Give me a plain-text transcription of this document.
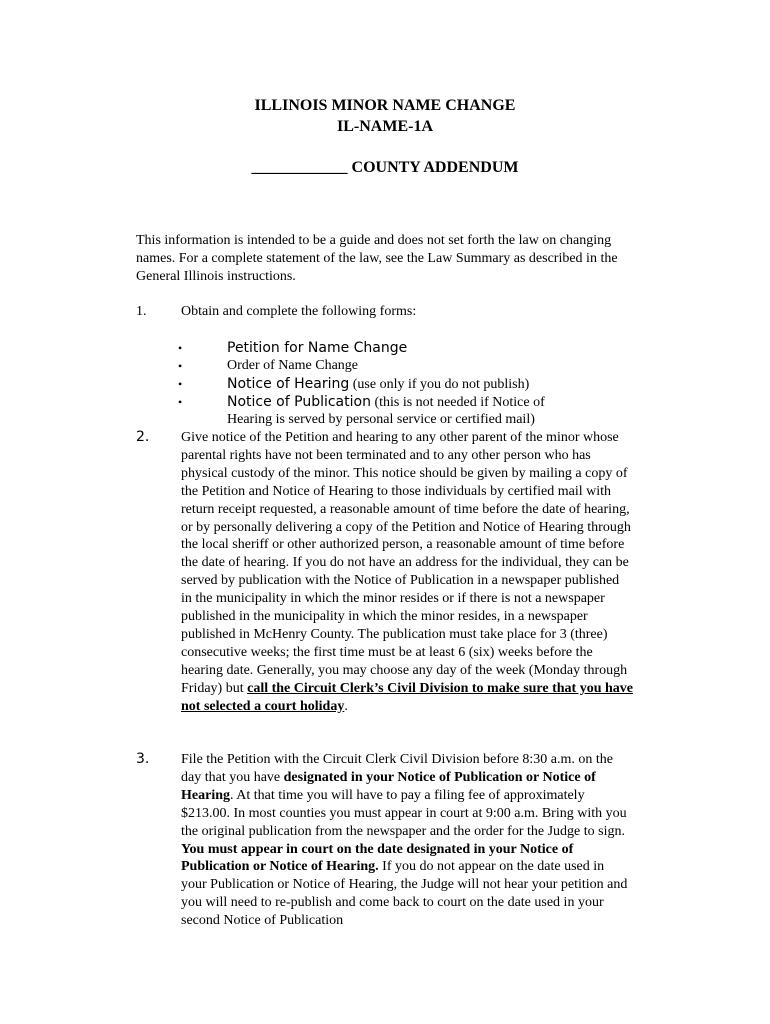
ILLINOIS MINOR NAME CHANGE
IL-NAME-1A
____________ COUNTY ADDENDUM
This information is intended to be a guide and does not set forth the law on changing names. For a complete statement of the law, see the Law Summary as described in the General Illinois instructions.
1. Obtain and complete the following forms:
•	Petition for Name Change
•	Order of Name Change
•	Notice of Hearing (use only if you do not publish)
•	Notice of Publication (this is not needed if Notice of
Hearing is served by personal service or certified mail)
2. Give notice of the Petition and hearing to any other parent of the minor whose parental rights have not been terminated and to any other person who has physical custody of the minor. This notice should be given by mailing a copy of the Petition and Notice of Hearing to those individuals by certified mail with return receipt requested, a reasonable amount of time before the date of hearing, or by personally delivering a copy of the Petition and Notice of Hearing through the local sheriff or other authorized person, a reasonable amount of time before the date of hearing. If you do not have an address for the individual, they can be served by publication with the Notice of Publication in a newspaper published in the municipality in which the minor resides or if there is not a newspaper published in the municipality in which the minor resides, in a newspaper published in McHenry County. The publication must take place for 3 (three) consecutive weeks; the first time must be at least 6 (six) weeks before the hearing date. Generally, you may choose any day of the week (Monday through Friday) but call the Circuit Clerk’s Civil Division to make sure that you have not selected a court holiday.
3. File the Petition with the Circuit Clerk Civil Division before 8:30 a.m. on the day that you have designated in your Notice of Publication or Notice of Hearing. At that time you will have to pay a filing fee of approximately $213.00. In most counties you must appear in court at 9:00 a.m. Bring with you the original publication from the newspaper and the order for the Judge to sign. You must appear in court on the date designated in your Notice of Publication or Notice of Hearing. If you do not appear on the date used in your Publication or Notice of Hearing, the Judge will not hear your petition and you will need to re-publish and come back to court on the date used in your second Notice of Publication
